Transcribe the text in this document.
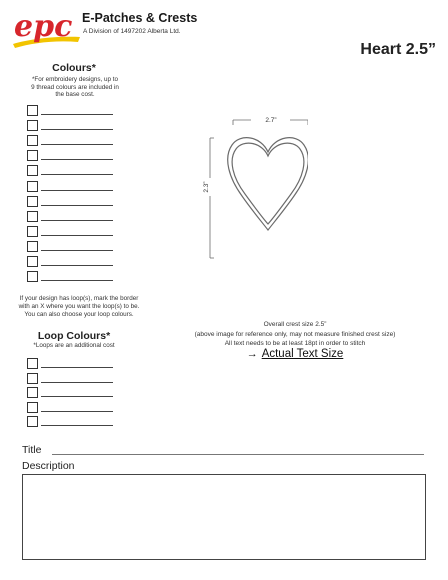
epc E-Patches & Crests
A Division of 1497202 Alberta Ltd.
Heart 2.5”
Colours*
*For embroidery designs, up to 9 thread colours are included in the base cost.
If your design has loop(s), mark the border with an X where you want the loop(s) to be. You can also choose your loop colours.
Loop Colours*
*Loops are an additional cost
2.7”
2.3”
Overall crest size 2.5”
(above image for reference only, may not measure finished crest size)
All text needs to be at least 18pt in order to stitch
→ Actual Text Size
Title
Description
